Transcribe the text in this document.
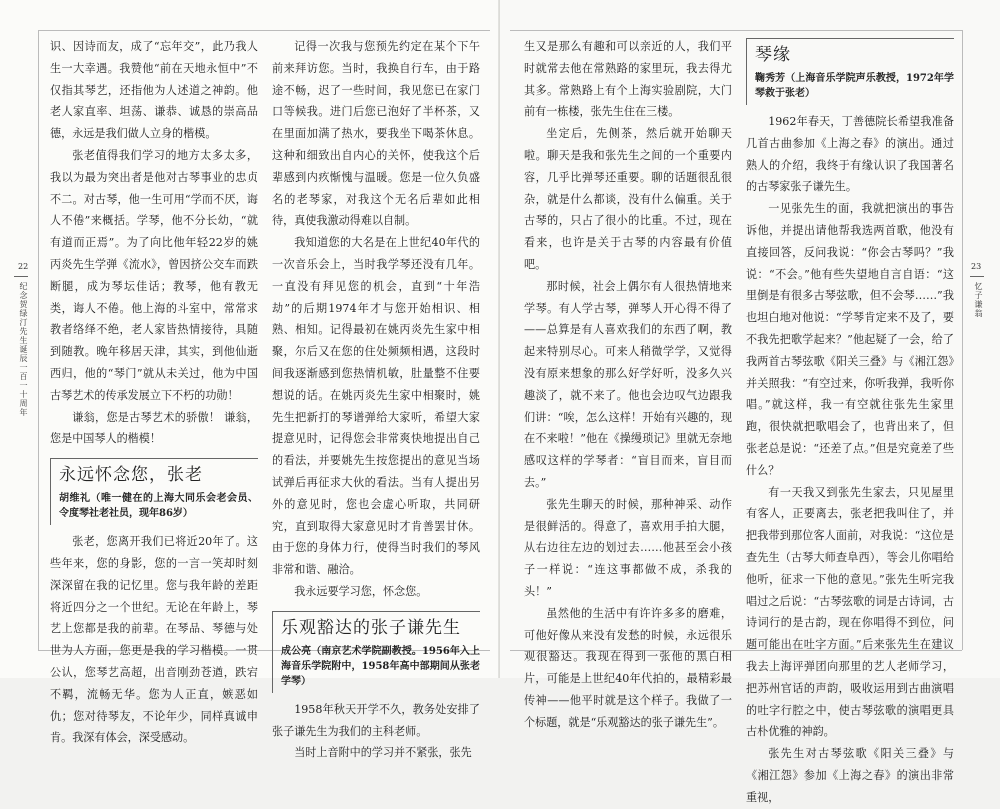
22
纪念贺绿汀先生诞辰一百一十周年

识、因诗而友，成了“忘年交”，此乃我人生一大幸遇。我赞他“前在天地永恒中”不仅指其琴艺，还指他为人述道之神韵。他老人家直率、坦荡、谦恭、诚恳的崇高品德，永远是我们做人立身的楷模。

张老值得我们学习的地方太多太多，我以为最为突出者是他对古琴事业的忠贞不二。对古琴，他一生可用“学而不厌，诲人不倦”来概括。学琴，他不分长幼，“就有道而正焉”。为了向比他年轻22岁的姚丙炎先生学弹《流水》，曾因挤公交车而跌断腿，成为琴坛佳话；教琴，他有教无类，诲人不倦。他上海的斗室中，常常求教者络绎不绝，老人家皆热情接待，具随到随教。晚年移居天津，其实，到他仙逝西归，他的“琴门”就从未关过，他为中国古琴艺术的传承发展立下不朽的功勋！

谦翁，您是古琴艺术的骄傲！ 谦翁，您是中国琴人的楷模！

永远怀念您，张老
胡维礼（唯一健在的上海大同乐会老会员、令度琴社老社员，现年86岁）

张老，您离开我们已将近20年了。这些年来，您的身影，您的一言一笑却时刻深深留在我的记忆里。您与我年龄的差距将近四分之一个世纪。无论在年龄上，琴艺上您都是我的前辈。在琴品、琴德与处世为人方面，您更是我的学习楷模。一贯公认，您琴艺高超，出音刚劲苍遒，跌宕不羁，流畅无华。您为人正直，嫉恶如仇；您对待琴友，不论年少，同样真诚申肯。我深有体会，深受感动。

记得一次我与您预先约定在某个下午前来拜访您。当时，我换自行车，由于路途不畅，迟了一些时间，我见您已在家门口等候我。进门后您已泡好了半杯茶，又在里面加满了热水，要我坐下喝茶休息。这种和细致出自内心的关怀，使我这个后辈感到内疚惭愧与温暖。您是一位久负盛名的老琴家，对我这个无名后辈如此相待，真使我激动得难以自制。

我知道您的大名是在上世纪40年代的一次音乐会上，当时我学琴还没有几年。一直没有拜见您的机会，直到“十年浩劫”的后期1974年才与您开始相识、相熟、相知。记得最初在姚丙炎先生家中相聚，尔后又在您的住处频频相遇，这段时间我逐渐感到您热情机敏，肚量整不住要想说的话。在姚丙炎先生家中相聚时，姚先生把新打的琴谱弹给大家听，希望大家提意见时，记得您会非常爽快地提出自己的看法，并要姚先生按您提出的意见当场试弹后再征求大伙的看法。当有人提出另外的意见时，您也会虚心听取，共同研究，直到取得大家意见时才肯善罢甘休。由于您的身体力行，使得当时我们的琴风非常和谐、融洽。

我永远要学习您，怀念您。

乐观豁达的张子谦先生
成公亮（南京艺术学院副教授。1956年入上海音乐学院附中，1958年高中部期间从张老学琴）

1958年秋天开学不久，教务处安排了张子谦先生为我们的主科老师。

当时上音附中的学习并不紧张，张先

23
忆子谦翁

生又是那么有趣和可以亲近的人，我们平时就常去他在常熟路的家里玩，我去得尤其多。常熟路上有个上海实验剧院，大门前有一栋楼，张先生住在三楼。

坐定后，先侧茶，然后就开始聊天啦。聊天是我和张先生之间的一个重要内容，几乎比弹琴还重要。聊的话题很乱很杂，就是什么都谈，没有什么偏重。关于古琴的，只占了很小的比重。不过，现在看来，也许是关于古琴的内容最有价值吧。

那时候，社会上偶尔有人很热情地来学琴。有人学古琴，弹琴人开心得不得了——总算是有人喜欢我们的东西了啊，教起来特别尽心。可来人稍微学学，又觉得没有原来想象的那么好学好听，没多久兴趣淡了，就不来了。他也会边叹气边跟我们讲：“唉，怎么这样！开始有兴趣的，现在不来啦！”他在《操缦琐记》里就无奈地感叹这样的学琴者：“盲目而来，盲目而去。”

张先生聊天的时候，那种神采、动作是很鲜活的。得意了，喜欢用手拍大腿，从右边往左边的划过去……他甚至会小孩子一样说：“连这事都做不成，杀我的头！”

虽然他的生活中有许许多多的磨难，可他好像从来没有发愁的时候，永远很乐观很豁达。我现在得到一张他的黑白相片，可能是上世纪40年代拍的，最精彩最传神——他平时就是这个样子。我做了一个标题，就是“乐观豁达的张子谦先生”。

琴缘
鞠秀芳（上海音乐学院声乐教授，1972年学琴救于张老）

1962年春天，丁善德院长希望我准备几首古曲参加《上海之春》的演出。通过熟人的介绍，我终于有缘认识了我国著名的古琴家张子谦先生。

一见张先生的面，我就把演出的事告诉他，并提出请他帮我选两首歌，他没有直接回答，反问我说：“你会古琴吗？”我说：“不会。”他有些失望地自言自语：“这里倒是有很多古琴弦歌，但不会琴……”我也坦白地对他说：“学琴肯定来不及了，要不我先把歌学起来？”他起疑了一会，给了我两首古琴弦歌《阳关三叠》与《湘江怨》并关照我：“有空过来，你听我弹，我听你唱。”就这样，我一有空就往张先生家里跑，很快就把歌唱会了，也背出来了，但张老总是说：“还差了点。”但是究竟差了些什么？

有一天我又到张先生家去，只见屋里有客人，正要离去，张老把我叫住了，并把我带到那位客人面前，对我说：“这位是查先生（古琴大师查阜西），等会儿你唱给他听，征求一下他的意见。”张先生听完我唱过之后说：“古琴弦歌的词是古诗词，古诗词行的是古韵，现在你唱得不到位，问题可能出在吐字方面。”后来张先生在建议我去上海评弹团向那里的艺人老师学习，把苏州官话的声韵，吸收运用到古曲演唱的吐字行腔之中，使古琴弦歌的演唱更具古朴优雅的神韵。

张先生对古琴弦歌《阳关三叠》与《湘江怨》参加《上海之春》的演出非常重视，
